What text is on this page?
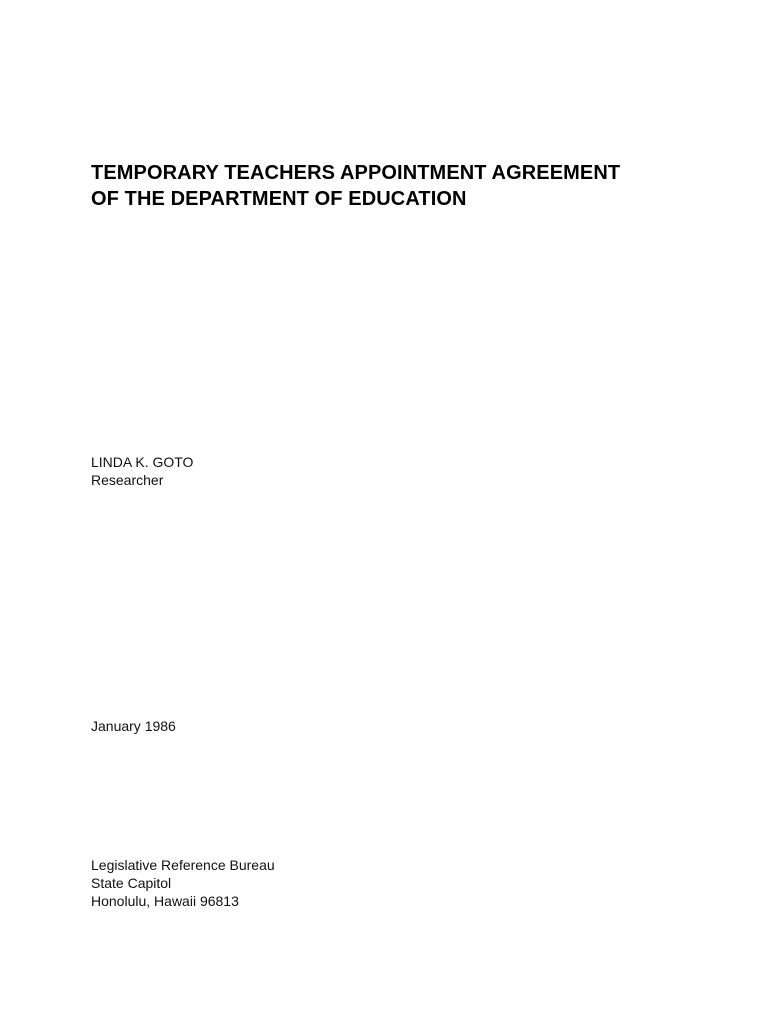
TEMPORARY TEACHERS APPOINTMENT AGREEMENT
OF THE DEPARTMENT OF EDUCATION
LINDA K. GOTO
Researcher
January 1986
Legislative Reference Bureau
State Capitol
Honolulu, Hawaii 96813
